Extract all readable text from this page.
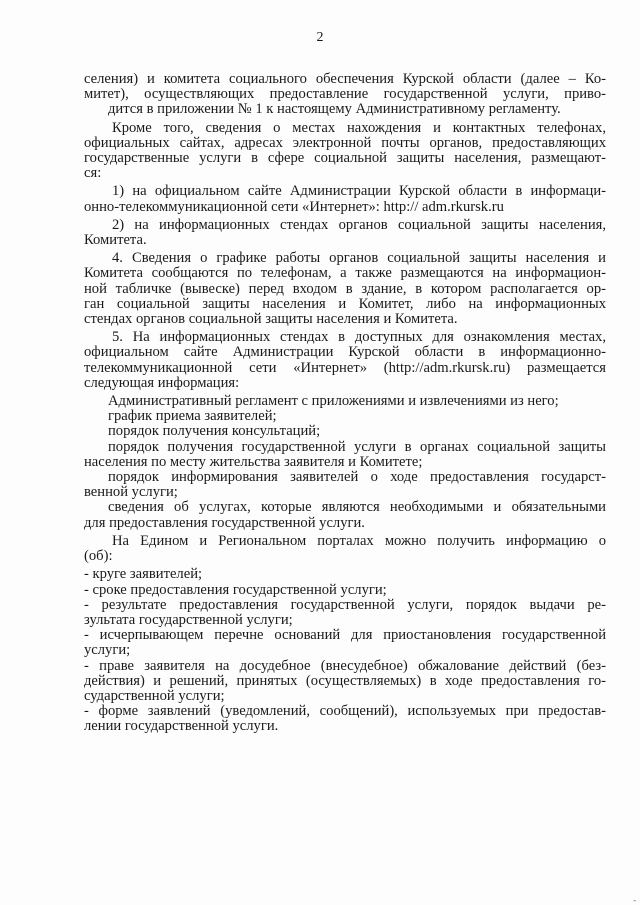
2
селения) и комитета социального обеспечения Курской области (далее – Ко-
митет), осуществляющих предоставление государственной услуги, приво-
дится в приложении № 1 к настоящему Административному регламенту.
Кроме того, сведения о местах нахождения и контактных телефонах,
официальных сайтах, адресах электронной почты органов, предоставляющих
государственные услуги в сфере социальной защиты населения, размещают-
ся:
1) на официальном сайте Администрации Курской области в информаци-
онно-телекоммуникационной сети «Интернет»: http:// adm.rkursk.ru
2) на информационных стендах органов социальной защиты населения,
Комитета.
4. Сведения о графике работы органов социальной защиты населения и
Комитета сообщаются по телефонам, а также размещаются на информацион-
ной табличке (вывеске) перед входом в здание, в котором располагается ор-
ган социальной защиты населения и Комитет, либо на информационных
стендах органов социальной защиты населения и Комитета.
5. На информационных стендах в доступных для ознакомления местах,
официальном сайте Администрации Курской области в информационно-
телекоммуникационной сети «Интернет» (http://adm.rkursk.ru) размещается
следующая информация:
Административный регламент с приложениями и извлечениями из него;
график приема заявителей;
порядок получения консультаций;
порядок получения государственной услуги в органах социальной защиты
населения по месту жительства заявителя и Комитете;
порядок информирования заявителей о ходе предоставления государст-
венной услуги;
сведения об услугах, которые являются необходимыми и обязательными
для предоставления государственной услуги.
На Едином и Региональном порталах можно получить информацию о
(об):
- круге заявителей;
- сроке предоставления государственной услуги;
- результате предоставления государственной услуги, порядок выдачи ре-
зультата государственной услуги;
- исчерпывающем перечне оснований для приостановления государственной
услуги;
- праве заявителя на досудебное (внесудебное) обжалование действий (без-
действия) и решений, принятых (осуществляемых) в ходе предоставления го-
сударственной услуги;
- форме заявлений (уведомлений, сообщений), используемых при предостав-
лении государственной услуги.
-
